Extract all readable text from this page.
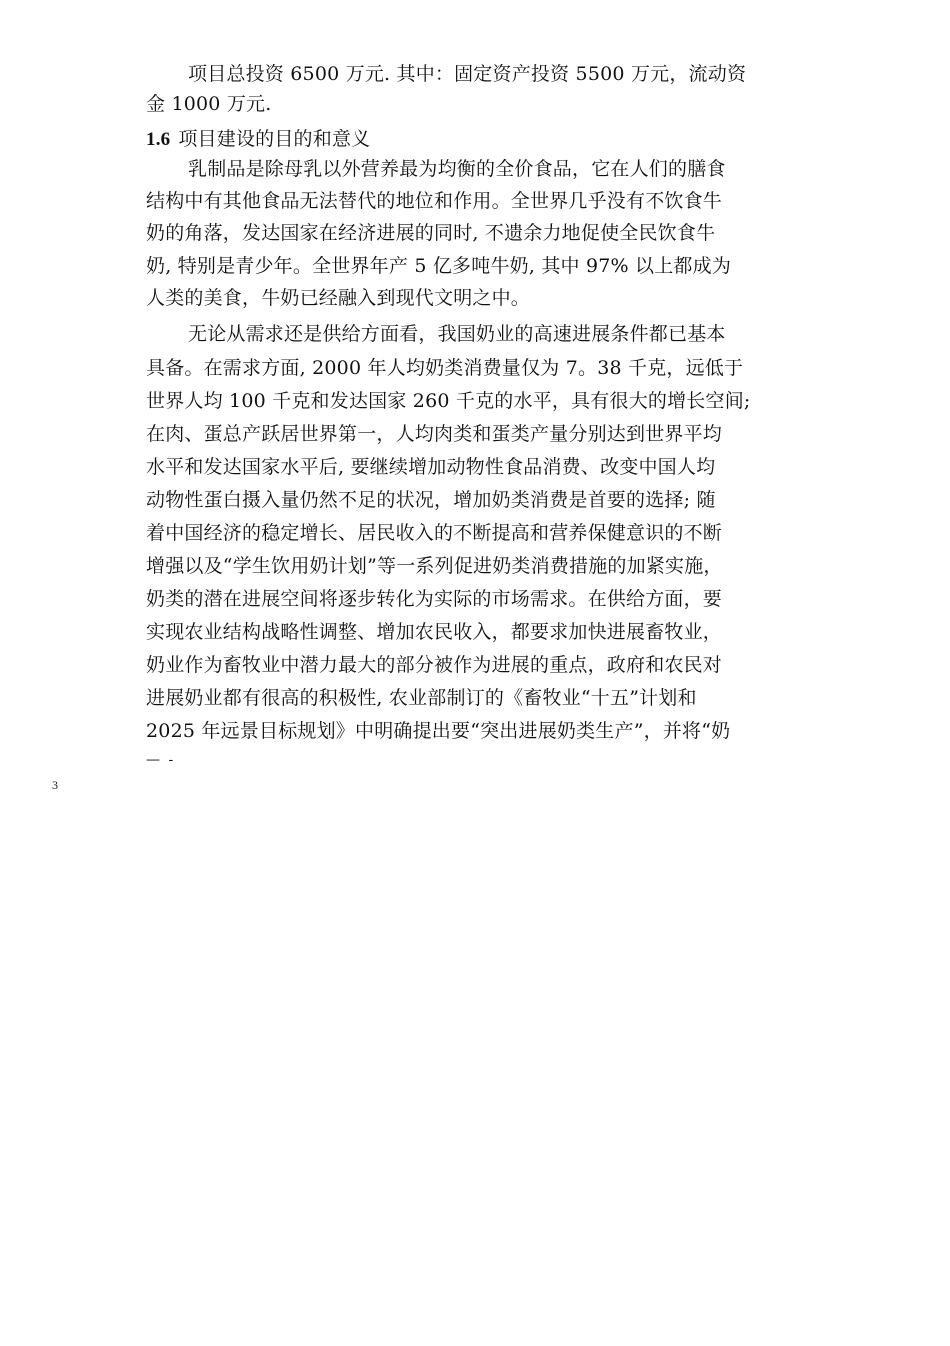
项目总投资 6500 万元. 其中：固定资产投资 5500 万元，流动资
金 1000 万元.
1.6 项目建设的目的和意义
乳制品是除母乳以外营养最为均衡的全价食品，它在人们的膳食
结构中有其他食品无法替代的地位和作用。全世界几乎没有不饮食牛
奶的角落，发达国家在经济进展的同时, 不遗余力地促使全民饮食牛
奶, 特别是青少年。全世界年产 5 亿多吨牛奶, 其中 97% 以上都成为
人类的美食，牛奶已经融入到现代文明之中。
无论从需求还是供给方面看，我国奶业的高速进展条件都已基本
具备。在需求方面, 2000 年人均奶类消费量仅为 7。38 千克，远低于
世界人均 100 千克和发达国家 260 千克的水平，具有很大的增长空间;
在肉、蛋总产跃居世界第一，人均肉类和蛋类产量分别达到世界平均
水平和发达国家水平后, 要继续增加动物性食品消费、改变中国人均
动物性蛋白摄入量仍然不足的状况，增加奶类消费是首要的选择; 随
着中国经济的稳定增长、居民收入的不断提高和营养保健意识的不断
增强以及“学生饮用奶计划”等一系列促进奶类消费措施的加紧实施，
奶类的潜在进展空间将逐步转化为实际的市场需求。在供给方面，要
实现农业结构战略性调整、增加农民收入，都要求加快进展畜牧业，
奶业作为畜牧业中潜力最大的部分被作为进展的重点，政府和农民对
进展奶业都有很高的积极性, 农业部制订的《畜牧业“十五”计划和
2025 年远景目标规划》中明确提出要“突出进展奶类生产”，并将“奶
— -
3
